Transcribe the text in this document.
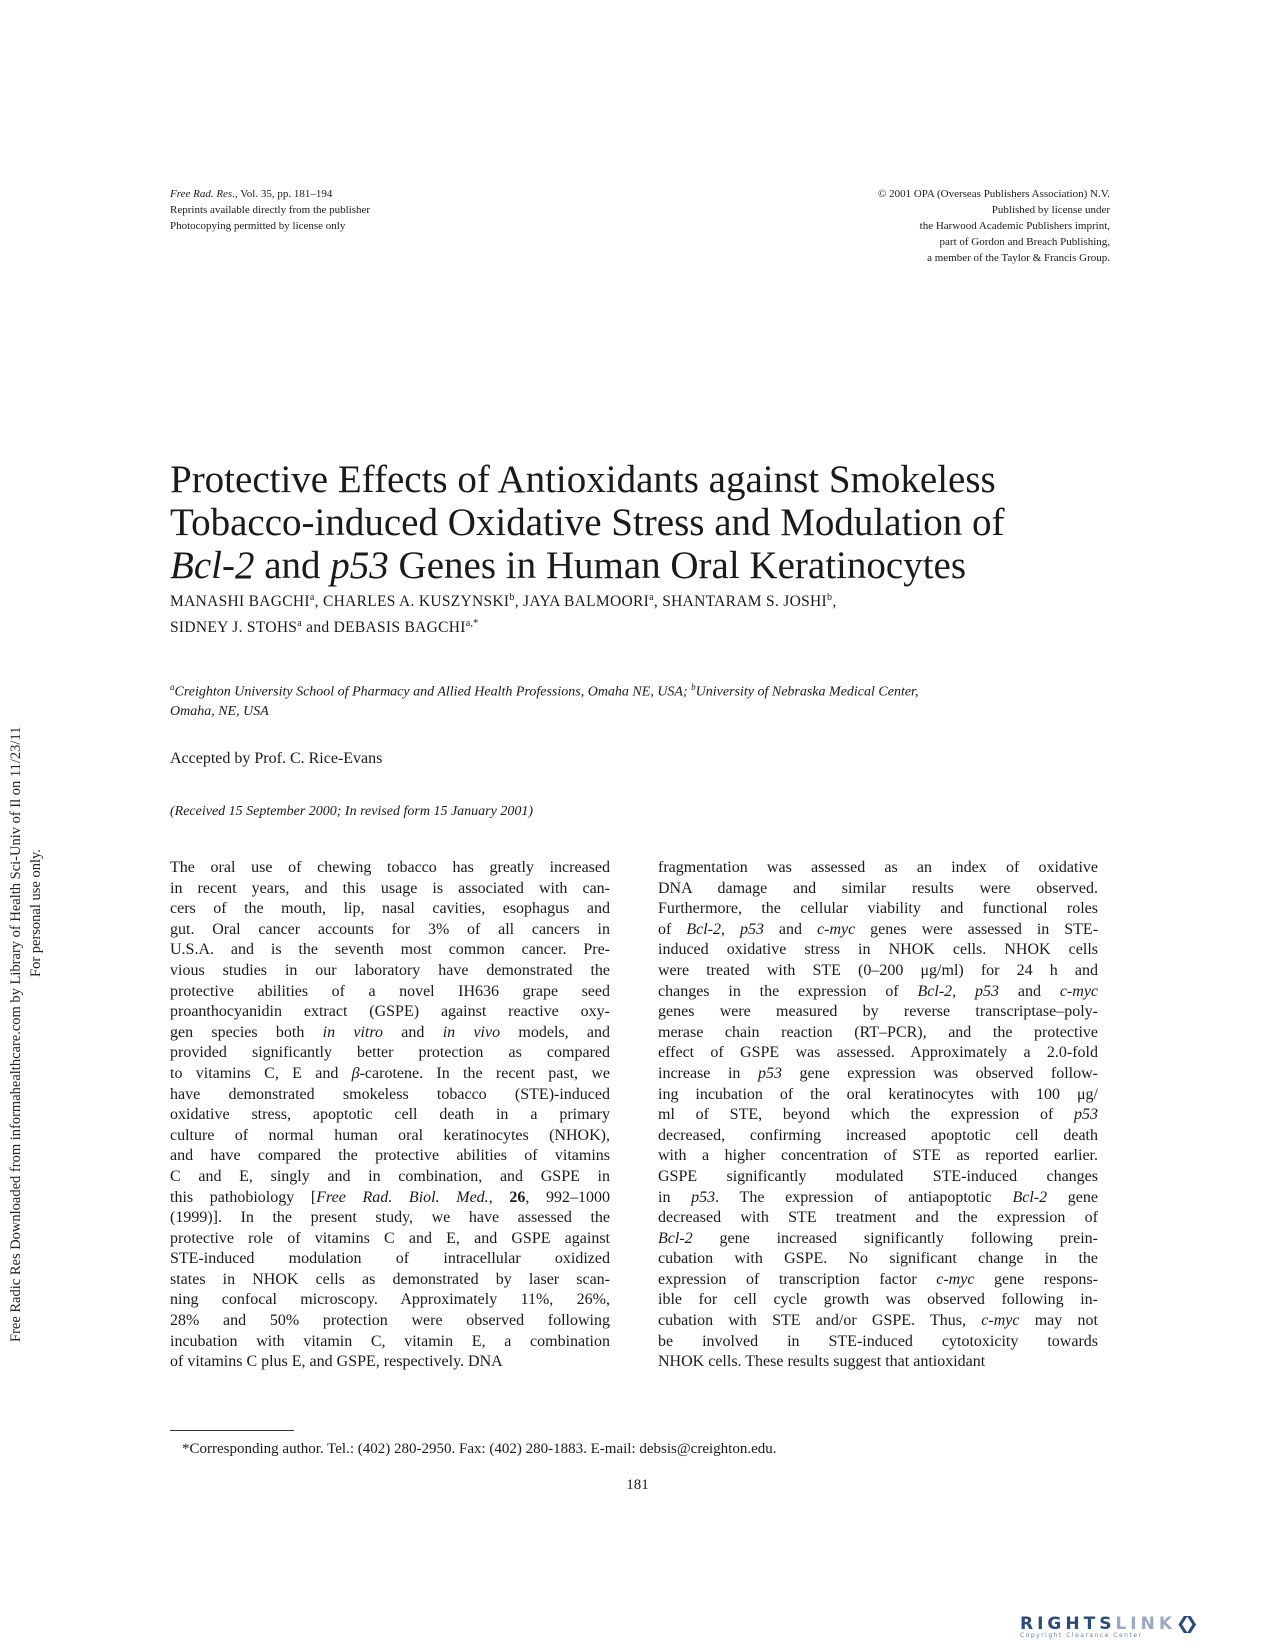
Free Rad. Res., Vol. 35, pp. 181–194
Reprints available directly from the publisher
Photocopying permitted by license only
© 2001 OPA (Overseas Publishers Association) N.V.
Published by license under
the Harwood Academic Publishers imprint,
part of Gordon and Breach Publishing,
a member of the Taylor & Francis Group.
Free Radic Res Downloaded from informahealthcare.com by Library of Health Sci-Univ of Il on 11/23/11 For personal use only.
Protective Effects of Antioxidants against Smokeless
Tobacco-induced Oxidative Stress and Modulation of
Bcl-2 and p53 Genes in Human Oral Keratinocytes
MANASHI BAGCHI$^a$, CHARLES A. KUSZYNSKI$^b$, JAYA BALMOORI$^a$, SHANTARAM S. JOSHI$^b$,
SIDNEY J. STOHS$^a$ and DEBASIS $BAGCHI^{a,*}$
$^a$Creighton University School of Pharmacy and Allied Health Professions, Omaha NE, USA; $^b$University of Nebraska Medical Center,
Omaha, NE, USA
Accepted by Prof. C. Rice-Evans
(Received 15 September 2000; In revised form 15 January 2001)
The oral use of chewing tobacco has greatly increased
in recent years, and this usage is associated with can-
cers of the mouth, lip, nasal cavities, esophagus and
gut. Oral cancer accounts for 3% of all cancers in
U.S.A. and is the seventh most common cancer. Pre-
vious studies in our laboratory have demonstrated the
protective abilities of a novel IH636 grape seed
proanthocyanidin extract (GSPE) against reactive oxy-
gen species both in vitro and in vivo models, and
provided significantly better protection as compared
to vitamins C, E and β-carotene. In the recent past, we
have demonstrated smokeless tobacco (STE)-induced
oxidative stress, apoptotic cell death in a primary
culture of normal human oral keratinocytes (NHOK),
and have compared the protective abilities of vitamins
C and E, singly and in combination, and GSPE in
this pathobiology [Free Rad. Biol. Med., 26, 992–1000
(1999)]. In the present study, we have assessed the
protective role of vitamins C and E, and GSPE against
STE-induced modulation of intracellular oxidized
states in NHOK cells as demonstrated by laser scan-
ning confocal microscopy. Approximately 11%, 26%,
28% and 50% protection were observed following
incubation with vitamin C, vitamin E, a combination
of vitamins C plus E, and GSPE, respectively. DNA
fragmentation was assessed as an index of oxidative
DNA damage and similar results were observed.
Furthermore, the cellular viability and functional roles
of Bcl-2, p53 and c-myc genes were assessed in STE-
induced oxidative stress in NHOK cells. NHOK cells
were treated with STE (0–200 μg/ml) for 24 h and
changes in the expression of Bcl-2, p53 and c-myc
genes were measured by reverse transcriptase–poly-
merase chain reaction (RT–PCR), and the protective
effect of GSPE was assessed. Approximately a 2.0-fold
increase in p53 gene expression was observed follow-
ing incubation of the oral keratinocytes with 100 μg/
ml of STE, beyond which the expression of p53
decreased, confirming increased apoptotic cell death
with a higher concentration of STE as reported earlier.
GSPE significantly modulated STE-induced changes
in p53. The expression of antiapoptotic Bcl-2 gene
decreased with STE treatment and the expression of
Bcl-2 gene increased significantly following prein-
cubation with GSPE. No significant change in the
expression of transcription factor c-myc gene respons-
ible for cell cycle growth was observed following in-
cubation with STE and/or GSPE. Thus, c-myc may not
be involved in STE-induced cytotoxicity towards
NHOK cells. These results suggest that antioxidant
*Corresponding author. Tel.: (402) 280-2950. Fax: (402) 280-1883. E-mail: debsis@creighton.edu.
181
RIGHTSLINK❮❯
Copyright Clearance Center
